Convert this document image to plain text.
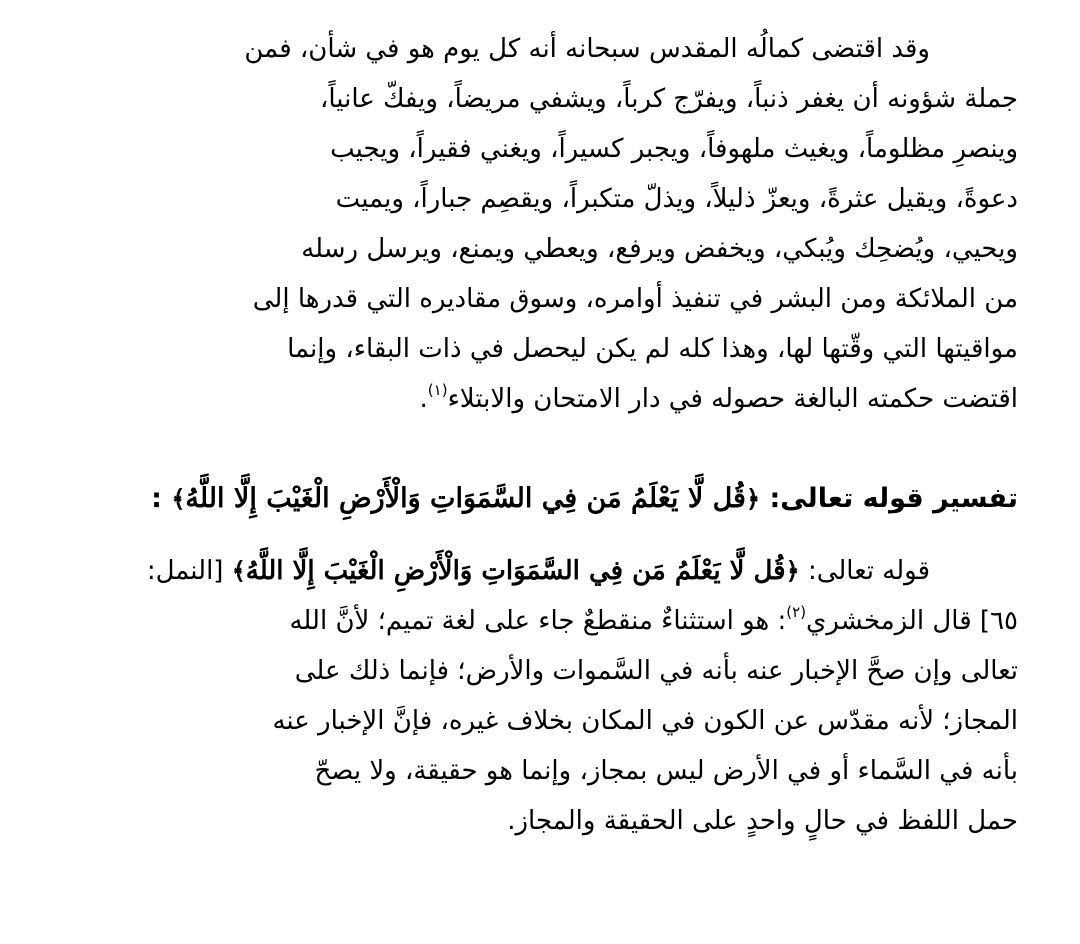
وقد اقتضى كمالُه المقدس سبحانه أنه كل يوم هو في شأن، فمن
جملة شؤونه أن يغفر ذنباً، ويفرّج كرباً، ويشفي مريضاً، ويفكّ عانياً،
وينصرِ مظلوماً، ويغيث ملهوفاً، ويجبر كسيراً، ويغني فقيراً، ويجيب
دعوةً، ويقيل عثرةً، ويعزّ ذليلاً، ويذلّ متكبراً، ويقصِم جباراً، ويميت
ويحيي، ويُضحِك ويُبكي، ويخفض ويرفع، ويعطي ويمنع، ويرسل رسله
من الملائكة ومن البشر في تنفيذ أوامره، وسوق مقاديره التي قدرها إلى
مواقيتها التي وقّتها لها، وهذا كله لم يكن ليحصل في ذات البقاء، وإنما
اقتضت حكمته البالغة حصوله في دار الامتحان والابتلاء$^{(١)}$.
تفسير قوله تعالى: ﴿قُل لَّا يَعْلَمُ مَن فِي السَّمَوَاتِ وَالْأَرْضِ الْغَيْبَ إِلَّا اللَّهُ﴾ :
قوله تعالى: ﴿قُل لَّا يَعْلَمُ مَن فِي السَّمَوَاتِ وَالْأَرْضِ الْغَيْبَ إِلَّا اللَّهُ﴾ [النمل:
٦٥] قال الزمخشري$^{(٢)}$: هو استثناءٌ منقطعٌ جاء على لغة تميم؛ لأنَّ الله
تعالى وإن صحَّ الإخبار عنه بأنه في السَّموات والأرض؛ فإنما ذلك على
المجاز؛ لأنه مقدّس عن الكون في المكان بخلاف غيره، فإنَّ الإخبار عنه
بأنه في السَّماء أو في الأرض ليس بمجاز، وإنما هو حقيقة، ولا يصحّ
حمل اللفظ في حالٍ واحدٍ على الحقيقة والمجاز.
